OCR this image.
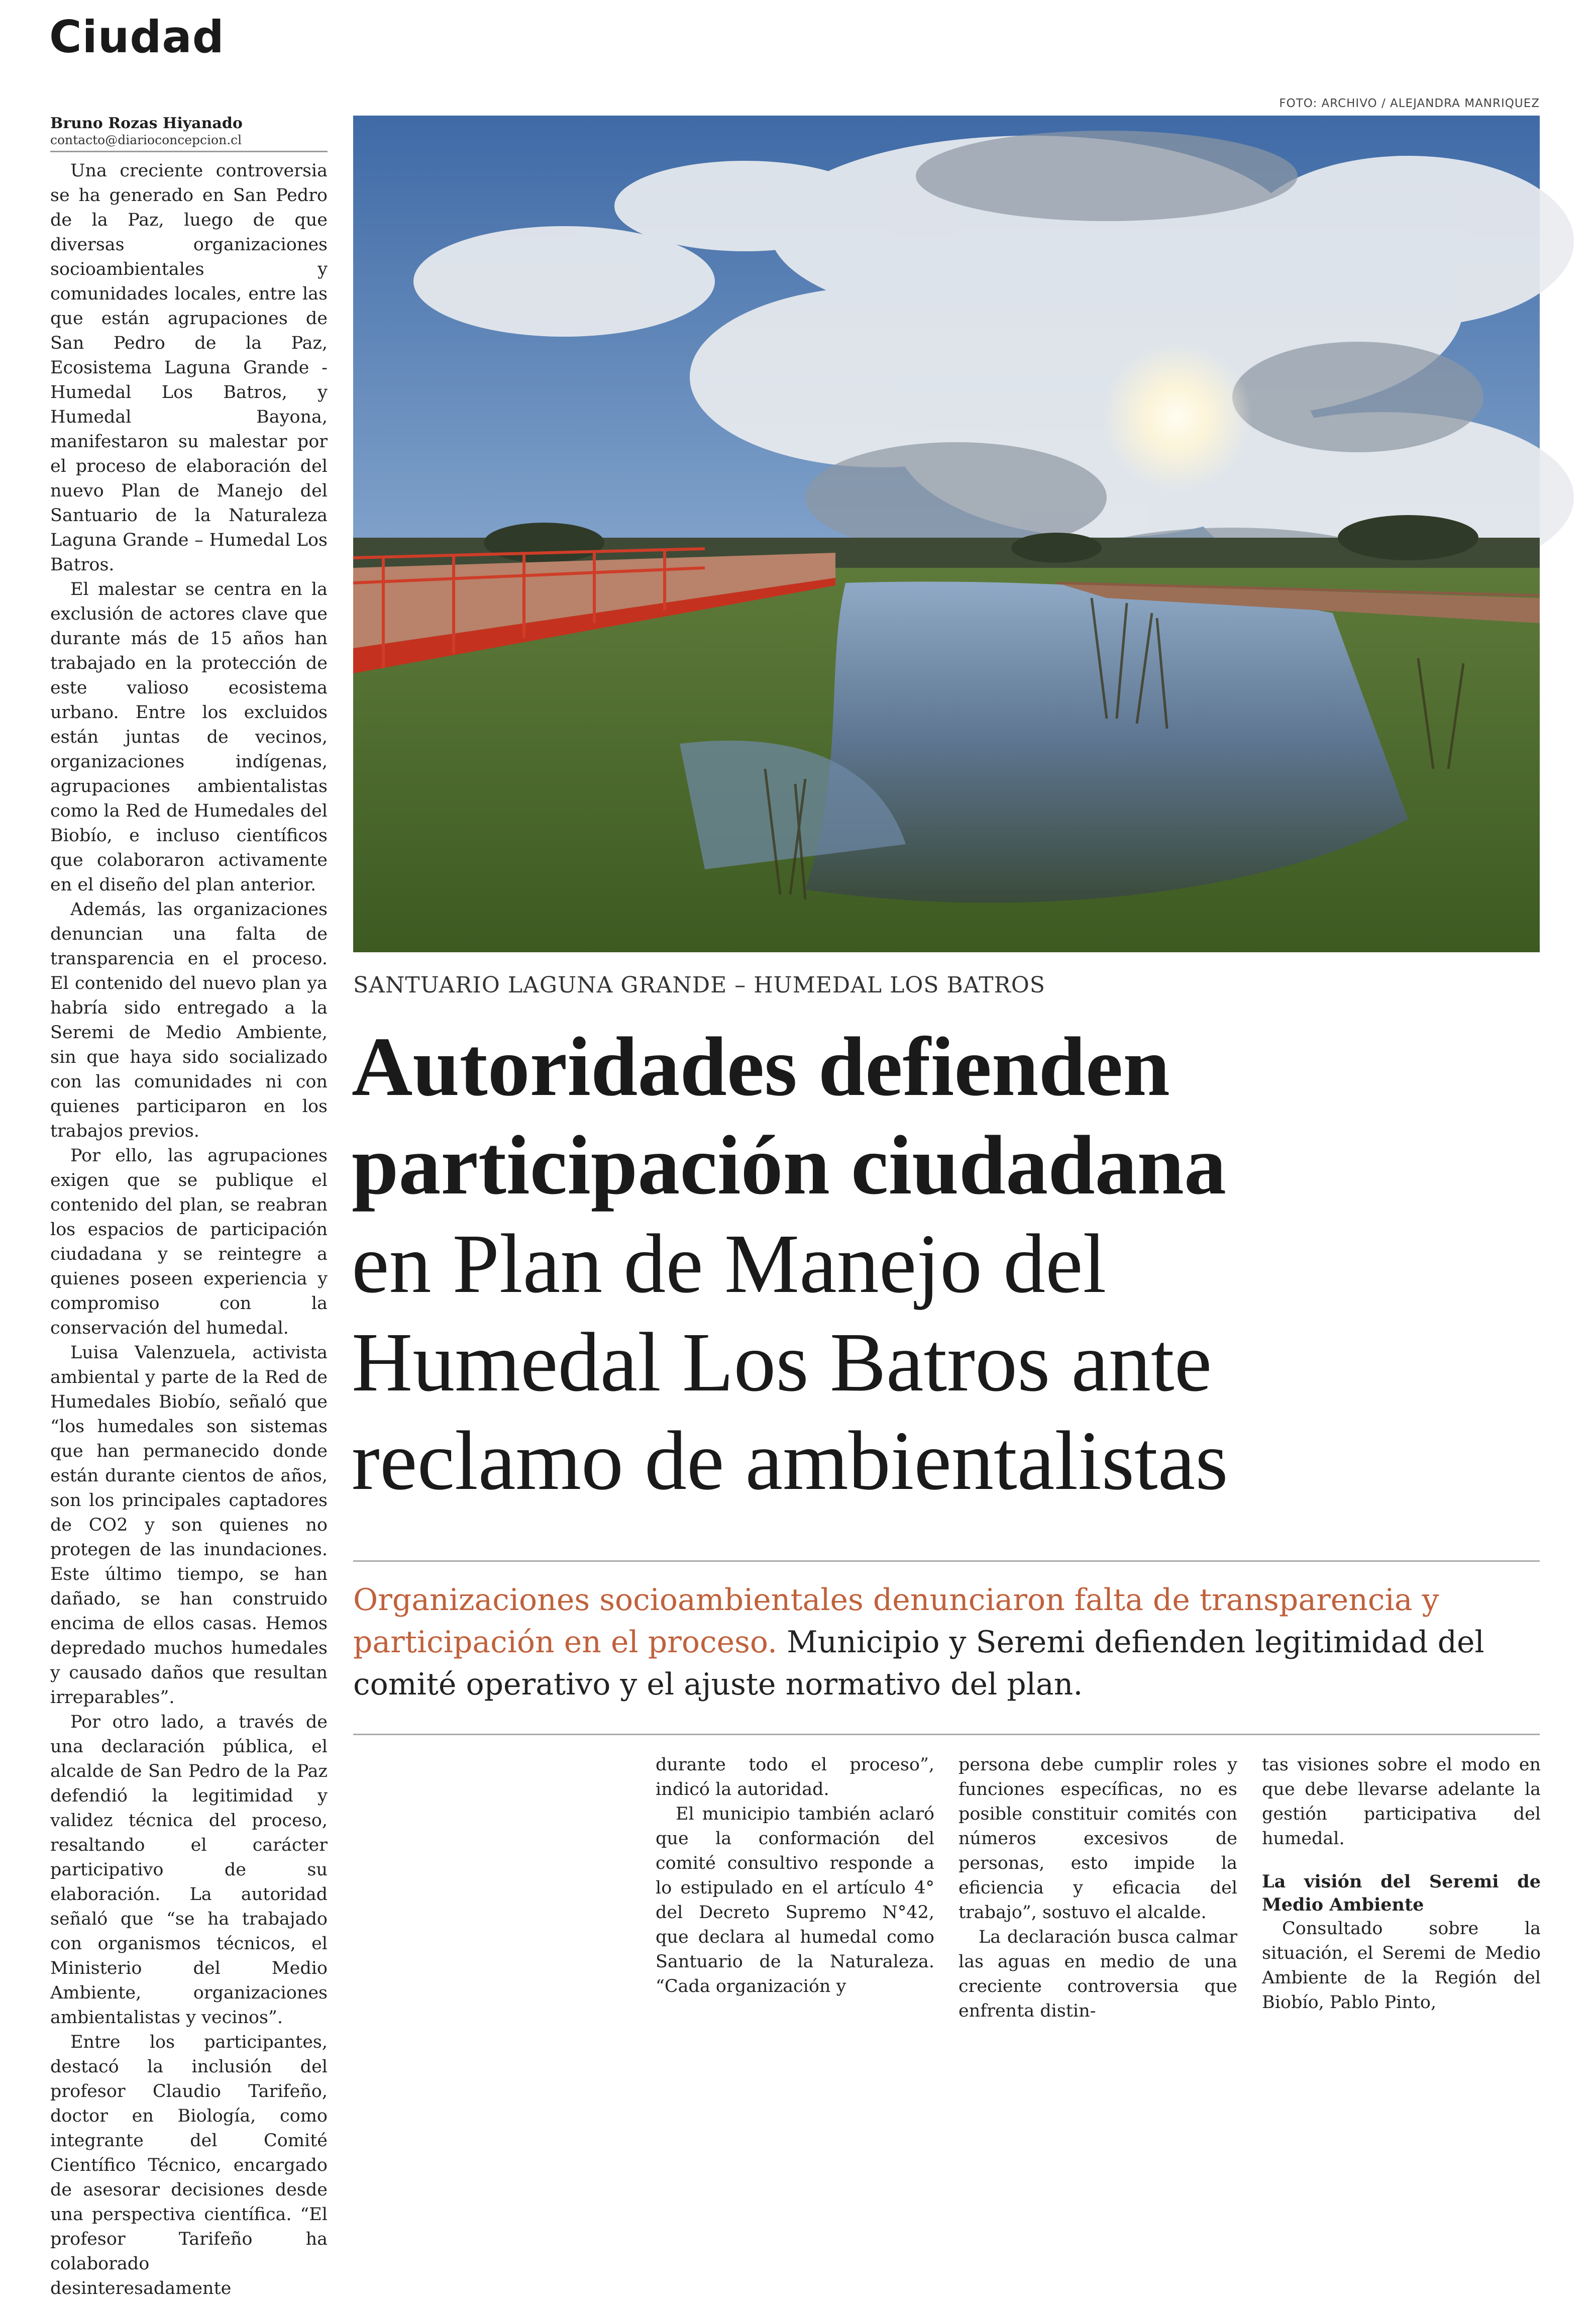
Ciudad
Bruno Rozas Hiyanado
contacto@diarioconcepcion.cl

Una creciente controversia se ha generado en San Pedro de la Paz, luego de que diversas organizaciones socioambientales y comunidades locales, entre las que están agrupaciones de San Pedro de la Paz, Ecosistema Laguna Grande - Humedal Los Batros, y Humedal Bayona, manifestaron su malestar por el proceso de elaboración del nuevo Plan de Manejo del Santuario de la Naturaleza Laguna Grande – Humedal Los Batros.

El malestar se centra en la exclusión de actores clave que durante más de 15 años han trabajado en la protección de este valioso ecosistema urbano. Entre los excluidos están juntas de vecinos, organizaciones indígenas, agrupaciones ambientalistas como la Red de Humedales del Biobío, e incluso científicos que colaboraron activamente en el diseño del plan anterior.

Además, las organizaciones denuncian una falta de transparencia en el proceso. El contenido del nuevo plan ya habría sido entregado a la Seremi de Medio Ambiente, sin que haya sido socializado con las comunidades ni con quienes participaron en los trabajos previos.

Por ello, las agrupaciones exigen que se publique el contenido del plan, se reabran los espacios de participación ciudadana y se reintegre a quienes poseen experiencia y compromiso con la conservación del humedal.

Luisa Valenzuela, activista ambiental y parte de la Red de Humedales Biobío, señaló que “los humedales son sistemas que han permanecido donde están durante cientos de años, son los principales captadores de CO2 y son quienes no protegen de las inundaciones. Este último tiempo, se han dañado, se han construido encima de ellos casas. Hemos depredado muchos humedales y causado daños que resultan irreparables”.

Por otro lado, a través de una declaración pública, el alcalde de San Pedro de la Paz defendió la legitimidad y validez técnica del proceso, resaltando el carácter participativo de su elaboración. La autoridad señaló que “se ha trabajado con organismos técnicos, el Ministerio del Medio Ambiente, organizaciones ambientalistas y vecinos”.

Entre los participantes, destacó la inclusión del profesor Claudio Tarifeño, doctor en Biología, como integrante del Comité Científico Técnico, encargado de asesorar decisiones desde una perspectiva científica. “El profesor Tarifeño ha colaborado desinteresadamente

FOTO: ARCHIVO / ALEJANDRA MANRIQUEZ
SANTUARIO LAGUNA GRANDE – HUMEDAL LOS BATROS
Autoridades defienden
participación ciudadana
en Plan de Manejo del
Humedal Los Batros ante
reclamo de ambientalistas
Organizaciones socioambientales denunciaron falta de transparencia y participación en el proceso. Municipio y Seremi defienden legitimidad del comité operativo y el ajuste normativo del plan.

durante todo el proceso”, indicó la autoridad.

El municipio también aclaró que la conformación del comité consultivo responde a lo estipulado en el artículo 4° del Decreto Supremo N°42, que declara al humedal como Santuario de la Naturaleza. “Cada organización y

persona debe cumplir roles y funciones específicas, no es posible constituir comités con números excesivos de personas, esto impide la eficiencia y eficacia del trabajo”, sostuvo el alcalde.

La declaración busca calmar las aguas en medio de una creciente controversia que enfrenta distin-

tas visiones sobre el modo en que debe llevarse adelante la gestión participativa del humedal.

La visión del Seremi de Medio Ambiente

Consultado sobre la situación, el Seremi de Medio Ambiente de la Región del Biobío, Pablo Pinto,
